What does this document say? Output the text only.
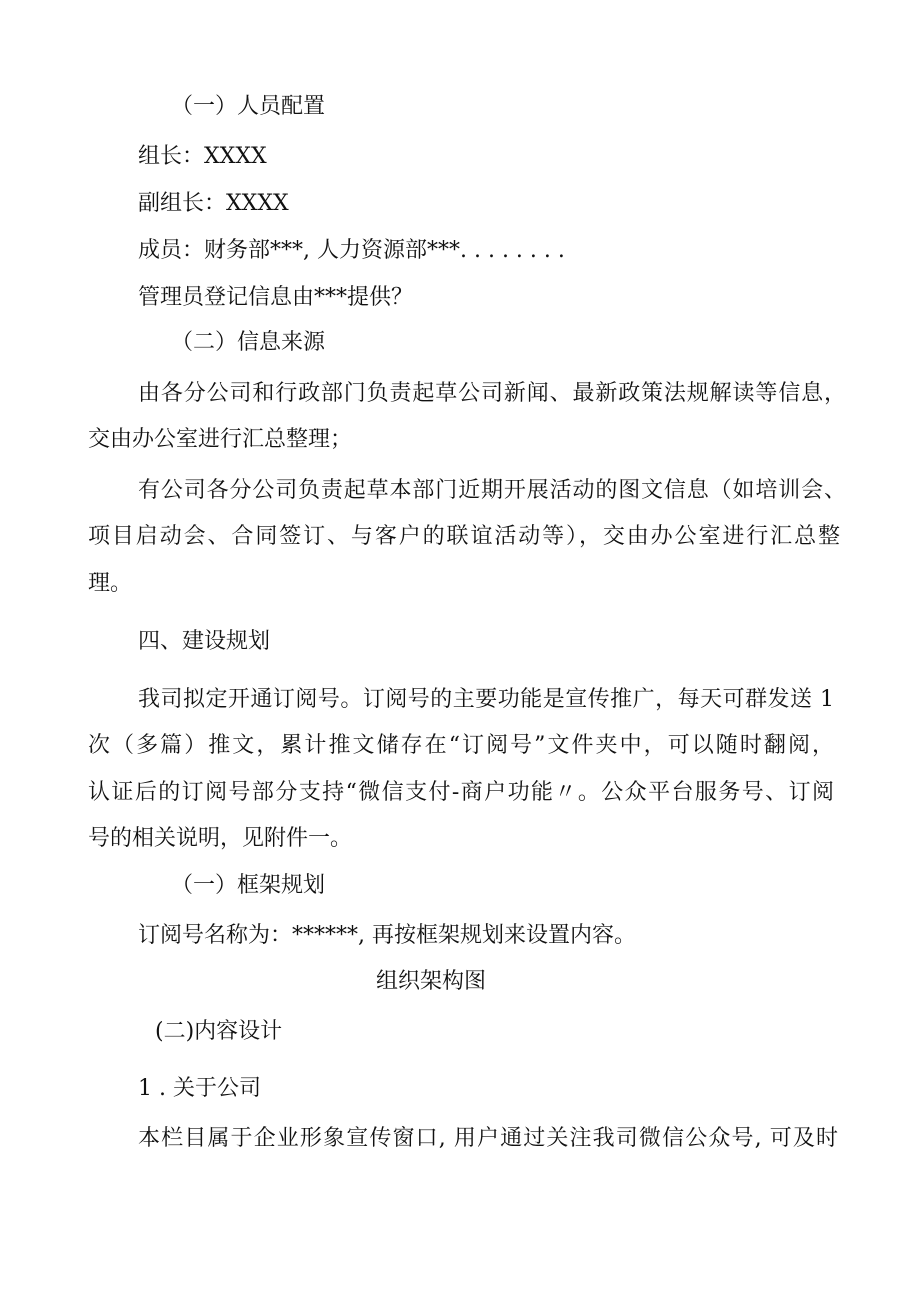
（一）人员配置
组长：XXXX
副组长：XXXX
成员：财务部***, 人力资源部***. . . . . . . .
管理员登记信息由***提供？
（二）信息来源
由各分公司和行政部门负责起草公司新闻、最新政策法规解读等信息，
交由办公室进行汇总整理；
有公司各分公司负责起草本部门近期开展活动的图文信息（如培训会、
项目启动会、合同签订、与客户的联谊活动等），交由办公室进行汇总整
理。
四、建设规划
我司拟定开通订阅号。订阅号的主要功能是宣传推广，每天可群发送 1
次（多篇）推文，累计推文储存在“订阅号”文件夹中，可以随时翻阅，
认证后的订阅号部分支持“微信支付-商户功能〃。公众平台服务号、订阅
号的相关说明，见附件一。
（一）框架规划
订阅号名称为：******, 再按框架规划来设置内容。
组织架构图
(二)内容设计
1 . 关于公司
本栏目属于企业形象宣传窗口, 用户通过关注我司微信公众号, 可及时
